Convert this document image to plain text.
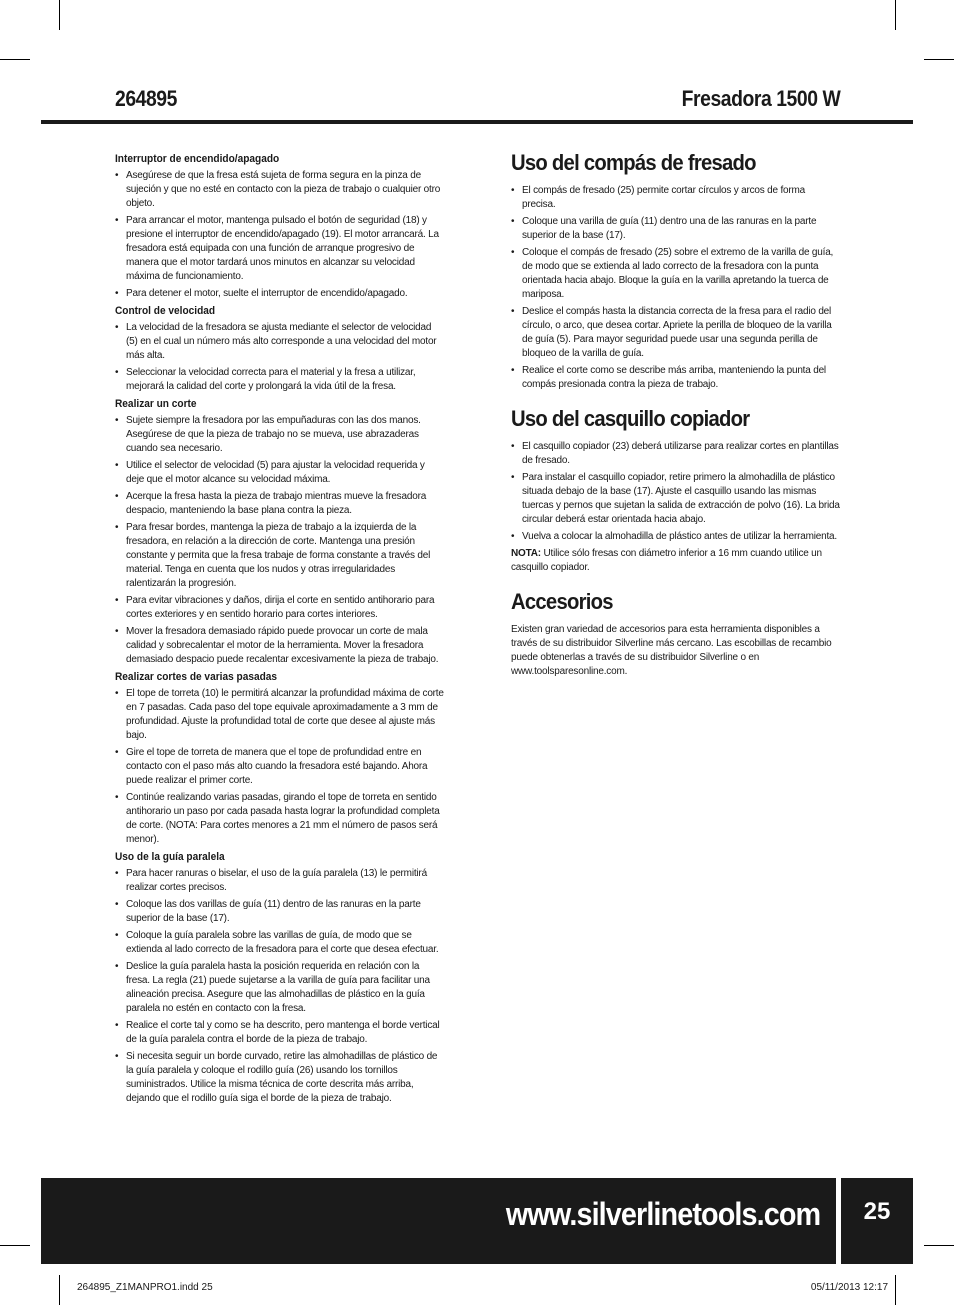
264895	Fresadora 1500 W
Interruptor de encendido/apagado
• Asegúrese de que la fresa está sujeta de forma segura en la pinza de sujeción y que no esté en contacto con la pieza de trabajo o cualquier otro objeto.
• Para arrancar el motor, mantenga pulsado el botón de seguridad (18) y presione el interruptor de encendido/apagado (19). El motor arrancará. La fresadora está equipada con una función de arranque progresivo de manera que el motor tardará unos minutos en alcanzar su velocidad máxima de funcionamiento.
• Para detener el motor, suelte el interruptor de encendido/apagado.
Control de velocidad
• La velocidad de la fresadora se ajusta mediante el selector de velocidad (5) en el cual un número más alto corresponde a una velocidad del motor más alta.
• Seleccionar la velocidad correcta para el material y la fresa a utilizar, mejorará la calidad del corte y prolongará la vida útil de la fresa.
Realizar un corte
• Sujete siempre la fresadora por las empuñaduras con las dos manos. Asegúrese de que la pieza de trabajo no se mueva, use abrazaderas cuando sea necesario.
• Utilice el selector de velocidad (5) para ajustar la velocidad requerida y deje que el motor alcance su velocidad máxima.
• Acerque la fresa hasta la pieza de trabajo mientras mueve la fresadora despacio, manteniendo la base plana contra la pieza.
• Para fresar bordes, mantenga la pieza de trabajo a la izquierda de la fresadora, en relación a la dirección de corte. Mantenga una presión constante y permita que la fresa trabaje de forma constante a través del material. Tenga en cuenta que los nudos y otras irregularidades ralentizarán la progresión.
• Para evitar vibraciones y daños, dirija el corte en sentido antihorario para cortes exteriores y en sentido horario para cortes interiores.
• Mover la fresadora demasiado rápido puede provocar un corte de mala calidad y sobrecalentar el motor de la herramienta. Mover la fresadora demasiado despacio puede recalentar excesivamente la pieza de trabajo.
Realizar cortes de varias pasadas
• El tope de torreta (10) le permitirá alcanzar la profundidad máxima de corte en 7 pasadas. Cada paso del tope equivale aproximadamente a 3 mm de profundidad. Ajuste la profundidad total de corte que desee al ajuste más bajo.
• Gire el tope de torreta de manera que el tope de profundidad entre en contacto con el paso más alto cuando la fresadora esté bajando. Ahora puede realizar el primer corte.
• Continúe realizando varias pasadas, girando el tope de torreta en sentido antihorario un paso por cada pasada hasta lograr la profundidad completa de corte. (NOTA: Para cortes menores a 21 mm el número de pasos será menor).
Uso de la guía paralela
• Para hacer ranuras o biselar, el uso de la guía paralela (13) le permitirá realizar cortes precisos.
• Coloque las dos varillas de guía (11) dentro de las ranuras en la parte superior de la base (17).
• Coloque la guía paralela sobre las varillas de guía, de modo que se extienda al lado correcto de la fresadora para el corte que desea efectuar.
• Deslice la guía paralela hasta la posición requerida en relación con la fresa. La regla (21) puede sujetarse a la varilla de guía para facilitar una alineación precisa. Asegure que las almohadillas de plástico en la guía paralela no estén en contacto con la fresa.
• Realice el corte tal y como se ha descrito, pero mantenga el borde vertical de la guía paralela contra el borde de la pieza de trabajo.
• Si necesita seguir un borde curvado, retire las almohadillas de plástico de la guía paralela y coloque el rodillo guía (26) usando los tornillos suministrados. Utilice la misma técnica de corte descrita más arriba, dejando que el rodillo guía siga el borde de la pieza de trabajo.
Uso del compás de fresado
• El compás de fresado (25) permite cortar círculos y arcos de forma precisa.
• Coloque una varilla de guía (11) dentro una de las ranuras en la parte superior de la base (17).
• Coloque el compás de fresado (25) sobre el extremo de la varilla de guía, de modo que se extienda al lado correcto de la fresadora con la punta orientada hacia abajo. Bloque la guía en la varilla apretando la tuerca de mariposa.
• Deslice el compás hasta la distancia correcta de la fresa para el radio del círculo, o arco, que desea cortar. Apriete la perilla de bloqueo de la varilla de guía (5). Para mayor seguridad puede usar una segunda perilla de bloqueo de la varilla de guía.
• Realice el corte como se describe más arriba, manteniendo la punta del compás presionada contra la pieza de trabajo.
Uso del casquillo copiador
• El casquillo copiador (23) deberá utilizarse para realizar cortes en plantillas de fresado.
• Para instalar el casquillo copiador, retire primero la almohadilla de plástico situada debajo de la base (17). Ajuste el casquillo usando las mismas tuercas y pernos que sujetan la salida de extracción de polvo (16). La brida circular deberá estar orientada hacia abajo.
• Vuelva a colocar la almohadilla de plástico antes de utilizar la herramienta.
NOTA: Utilice sólo fresas con diámetro inferior a 16 mm cuando utilice un casquillo copiador.
Accesorios
Existen gran variedad de accesorios para esta herramienta disponibles a través de su distribuidor Silverline más cercano. Las escobillas de recambio puede obtenerlas a través de su distribuidor Silverline o en www.toolsparesonline.com.
www.silverlinetools.com	25
264895_Z1MANPRO1.indd 25	05/11/2013 12:17
